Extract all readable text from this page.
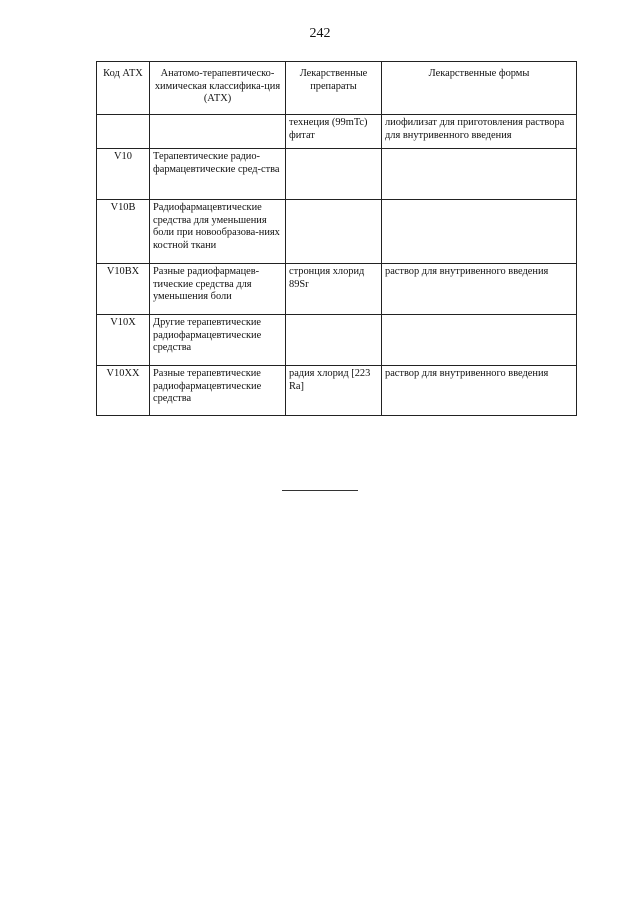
242
Код АТХ	Анатомо-терапевтическо-химическая классифика-ция (АТХ)	Лекарственные препараты	Лекарственные формы
		технеция (99mTc) фитат	лиофилизат для приготовления раствора для внутривенного введения
V10	Терапевтические радио-фармацевтические сред-ства		
V10B	Радиофармацевтические средства для уменьшения боли при новообразова-ниях костной ткани		
V10BX	Разные радиофармацев-тические средства для уменьшения боли	стронция хлорид 89Sr	раствор для внутривенного введения
V10X	Другие терапевтические радиофармацевтические средства		
V10XX	Разные терапевтические радиофармацевтические средства	радия хлорид [223 Ra]	раствор для внутривенного введения
